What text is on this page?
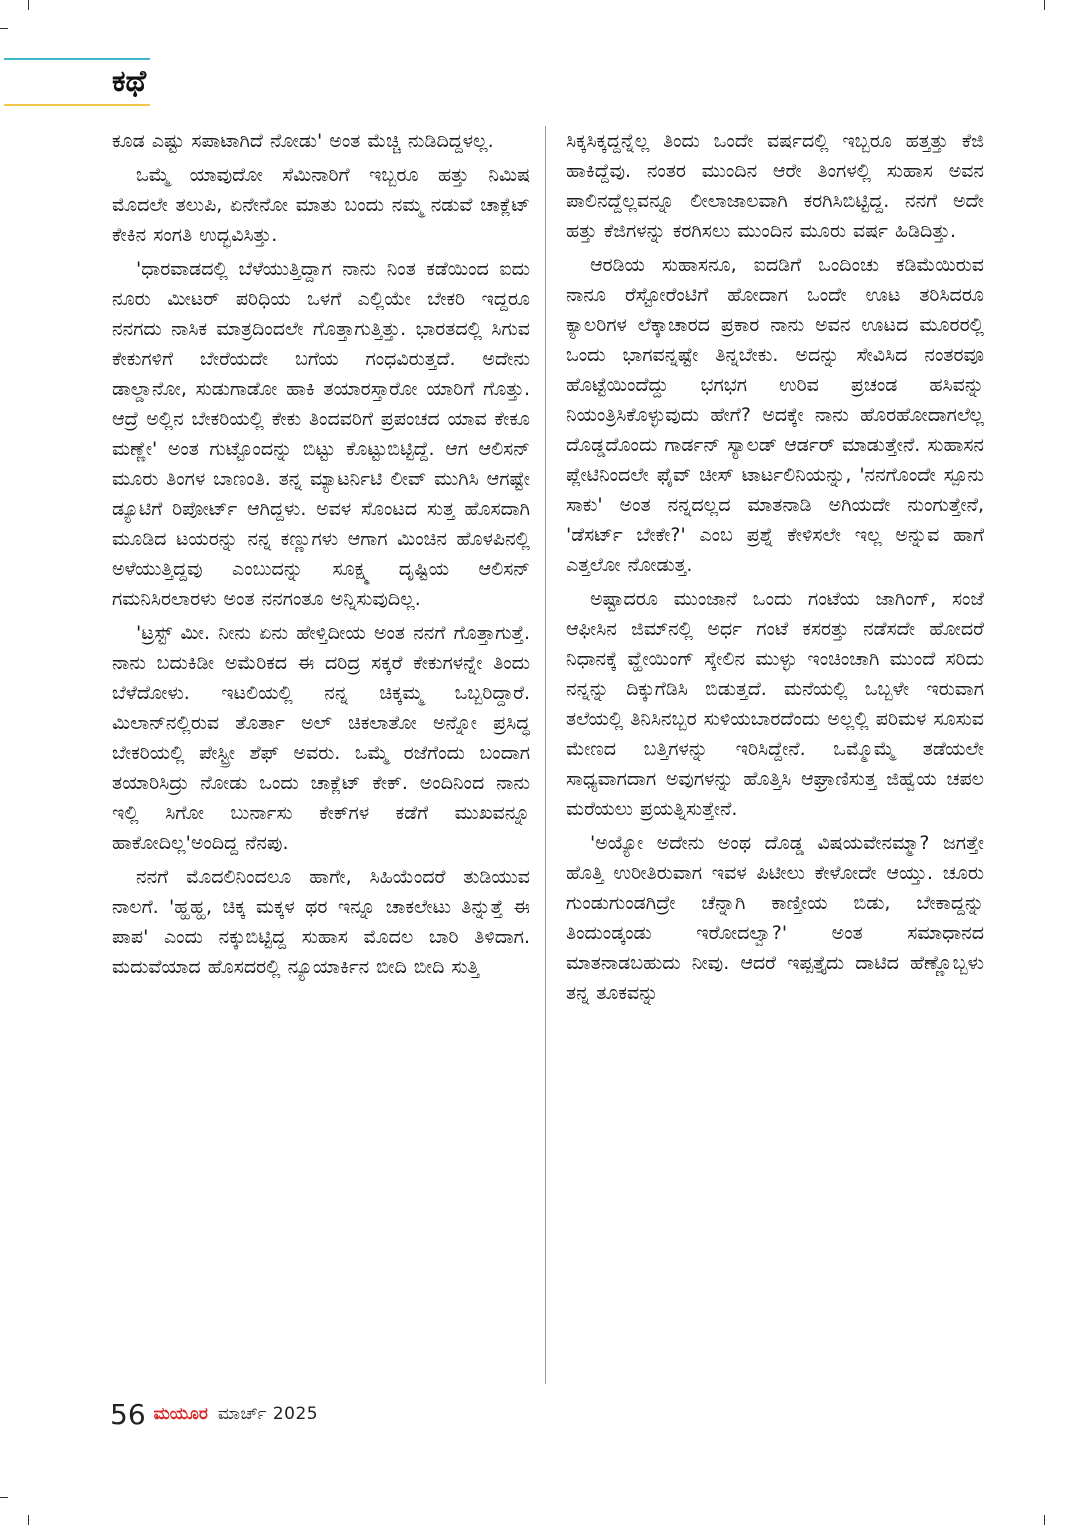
ಕಥೆ

ಕೂಡ ಎಷ್ಟು ಸಪಾಟಾಗಿದೆ ನೋಡು' ಅಂತ ಮೆಚ್ಚಿ ನುಡಿದಿದ್ದಳಲ್ಲ.

ಒಮ್ಮೆ ಯಾವುದೋ ಸೆಮಿನಾರಿಗೆ ಇಬ್ಬರೂ ಹತ್ತು ನಿಮಿಷ ಮೊದಲೇ ತಲುಪಿ, ಏನೇನೋ ಮಾತು ಬಂದು ನಮ್ಮ ನಡುವೆ ಚಾಕ್ಲೆಟ್ ಕೇಕಿನ ಸಂಗತಿ ಉದ್ಭವಿಸಿತ್ತು.

'ಧಾರವಾಡದಲ್ಲಿ ಬೆಳೆಯುತ್ತಿದ್ದಾಗ ನಾನು ನಿಂತ ಕಡೆಯಿಂದ ಐದು ನೂರು ಮೀಟರ್ ಪರಿಧಿಯ ಒಳಗೆ ಎಲ್ಲಿಯೇ ಬೇಕರಿ ಇದ್ದರೂ ನನಗದು ನಾಸಿಕ ಮಾತ್ರದಿಂದಲೇ ಗೊತ್ತಾಗುತ್ತಿತ್ತು. ಭಾರತದಲ್ಲಿ ಸಿಗುವ ಕೇಕುಗಳಿಗೆ ಬೇರೆಯದೇ ಬಗೆಯ ಗಂಧವಿರುತ್ತದೆ. ಅದೇನು ಡಾಲ್ಡಾನೋ, ಸುಡುಗಾಡೋ ಹಾಕಿ ತಯಾರಸ್ತಾರೋ ಯಾರಿಗೆ ಗೊತ್ತು. ಆದ್ರೆ ಅಲ್ಲಿನ ಬೇಕರಿಯಲ್ಲಿ ಕೇಕು ತಿಂದವರಿಗೆ ಪ್ರಪಂಚದ ಯಾವ ಕೇಕೂ ಮಣ್ಣೇ' ಅಂತ ಗುಟ್ಟೊಂದನ್ನು ಬಿಟ್ಟು ಕೊಟ್ಟುಬಿಟ್ಟಿದ್ದೆ. ಆಗ ಆಲಿಸನ್ ಮೂರು ತಿಂಗಳ ಬಾಣಂತಿ. ತನ್ನ ಮ್ಯಾಟರ್ನಿಟಿ ಲೀವ್ ಮುಗಿಸಿ ಆಗಷ್ಟೇ ಡ್ಯೂಟಿಗೆ ರಿಪೋರ್ಟ್ ಆಗಿದ್ದಳು. ಅವಳ ಸೊಂಟದ ಸುತ್ತ ಹೊಸದಾಗಿ ಮೂಡಿದ ಟಯರನ್ನು ನನ್ನ ಕಣ್ಣುಗಳು ಆಗಾಗ ಮಿಂಚಿನ ಹೊಳಪಿನಲ್ಲಿ ಅಳೆಯುತ್ತಿದ್ದವು ಎಂಬುದನ್ನು ಸೂಕ್ಷ್ಮ ದೃಷ್ಟಿಯ ಆಲಿಸನ್ ಗಮನಿಸಿರಲಾರಳು ಅಂತ ನನಗಂತೂ ಅನ್ನಿಸುವುದಿಲ್ಲ.

'ಟ್ರಸ್ಟ್ ಮೀ. ನೀನು ಏನು ಹೇಳ್ತಿದೀಯ ಅಂತ ನನಗೆ ಗೊತ್ತಾಗುತ್ತೆ. ನಾನು ಬದುಕಿಡೀ ಅಮೆರಿಕದ ಈ ದರಿದ್ರ ಸಕ್ಕರೆ ಕೇಕುಗಳನ್ನೇ ತಿಂದು ಬೆಳೆದೋಳು. ಇಟಲಿಯಲ್ಲಿ ನನ್ನ ಚಿಕ್ಕಮ್ಮ ಒಬ್ಬರಿದ್ದಾರೆ. ಮಿಲಾನ್‌ನಲ್ಲಿರುವ ತೊರ್ತಾ ಅಲ್ ಚಿಕಲಾತೋ ಅನ್ನೋ ಪ್ರಸಿದ್ಧ ಬೇಕರಿಯಲ್ಲಿ ಪೇಸ್ಟ್ರೀ ಶೆಫ್ ಅವರು. ಒಮ್ಮೆ ರಜೆಗೆಂದು ಬಂದಾಗ ತಯಾರಿಸಿದ್ರು ನೋಡು ಒಂದು ಚಾಕ್ಲೆಟ್ ಕೇಕ್. ಅಂದಿನಿಂದ ನಾನು ಇಲ್ಲಿ ಸಿಗೋ ಬುರ್ನಾಸು ಕೇಕ್‌ಗಳ ಕಡೆಗೆ ಮುಖವನ್ನೂ ಹಾಕೋದಿಲ್ಲ'ಅಂದಿದ್ದ ನೆನಪು.

ನನಗೆ ಮೊದಲಿನಿಂದಲೂ ಹಾಗೇ, ಸಿಹಿಯೆಂದರೆ ತುಡಿಯುವ ನಾಲಗೆ. 'ಹ್ಹಹ್ಹ, ಚಿಕ್ಕ ಮಕ್ಕಳ ಥರ ಇನ್ನೂ ಚಾಕಲೇಟು ತಿನ್ನುತ್ತೆ ಈ ಪಾಪ' ಎಂದು ನಕ್ಕುಬಿಟ್ಟಿದ್ದ ಸುಹಾಸ ಮೊದಲ ಬಾರಿ ತಿಳಿದಾಗ. ಮದುವೆಯಾದ ಹೊಸದರಲ್ಲಿ ನ್ಯೂಯಾರ್ಕಿನ ಬೀದಿ ಬೀದಿ ಸುತ್ತಿ

ಸಿಕ್ಕಸಿಕ್ಕದ್ದನ್ನೆಲ್ಲ ತಿಂದು ಒಂದೇ ವರ್ಷದಲ್ಲಿ ಇಬ್ಬರೂ ಹತ್ತತ್ತು ಕೆಜಿ ಹಾಕಿದ್ದೆವು. ನಂತರ ಮುಂದಿನ ಆರೇ ತಿಂಗಳಲ್ಲಿ ಸುಹಾಸ ಅವನ ಪಾಲಿನದ್ದೆಲ್ಲವನ್ನೂ ಲೀಲಾಜಾಲವಾಗಿ ಕರಗಿಸಿಬಿಟ್ಟಿದ್ದ. ನನಗೆ ಅದೇ ಹತ್ತು ಕೆಜಿಗಳನ್ನು ಕರಗಿಸಲು ಮುಂದಿನ ಮೂರು ವರ್ಷ ಹಿಡಿದಿತ್ತು.

ಆರಡಿಯ ಸುಹಾಸನೂ, ಐದಡಿಗೆ ಒಂದಿಂಚು ಕಡಿಮೆಯಿರುವ ನಾನೂ ರೆಸ್ಟೋರೆಂಟಿಗೆ ಹೋದಾಗ ಒಂದೇ ಊಟ ತರಿಸಿದರೂ ಕ್ಯಾಲರಿಗಳ ಲೆಕ್ಕಾಚಾರದ ಪ್ರಕಾರ ನಾನು ಅವನ ಊಟದ ಮೂರರಲ್ಲಿ ಒಂದು ಭಾಗವನ್ನಷ್ಟೇ ತಿನ್ನಬೇಕು. ಅದನ್ನು ಸೇವಿಸಿದ ನಂತರವೂ ಹೊಟ್ಟೆಯಿಂದೆದ್ದು ಭಗಭಗ ಉರಿವ ಪ್ರಚಂಡ ಹಸಿವನ್ನು ನಿಯಂತ್ರಿಸಿಕೊಳ್ಳುವುದು ಹೇಗೆ? ಅದಕ್ಕೇ ನಾನು ಹೊರಹೋದಾಗಲೆಲ್ಲ ದೊಡ್ಡದೊಂದು ಗಾರ್ಡನ್ ಸ್ಯಾಲಡ್ ಆರ್ಡರ್ ಮಾಡುತ್ತೇನೆ. ಸುಹಾಸನ ಪ್ಲೇಟಿನಿಂದಲೇ ಫೈವ್ ಚೀಸ್ ಟಾರ್ಟಲಿನಿಯನ್ನು, 'ನನಗೊಂದೇ ಸ್ಪೂನು ಸಾಕು' ಅಂತ ನನ್ನದಲ್ಲದ ಮಾತನಾಡಿ ಅಗಿಯದೇ ನುಂಗುತ್ತೇನೆ, 'ಡೆಸರ್ಟ್ ಬೇಕೇ?' ಎಂಬ ಪ್ರಶ್ನೆ ಕೇಳಿಸಲೇ ಇಲ್ಲ ಅನ್ನುವ ಹಾಗೆ ಎತ್ತಲೋ ನೋಡುತ್ತ.

ಅಷ್ಟಾದರೂ ಮುಂಜಾನೆ ಒಂದು ಗಂಟೆಯ ಜಾಗಿಂಗ್, ಸಂಜೆ ಆಫೀಸಿನ ಜಿಮ್‌ನಲ್ಲಿ ಅರ್ಧ ಗಂಟೆ ಕಸರತ್ತು ನಡೆಸದೇ ಹೋದರೆ ನಿಧಾನಕ್ಕೆ ವ್ಹೇಯಿಂಗ್ ಸ್ಕೇಲಿನ ಮುಳ್ಳು ಇಂಚಿಂಚಾಗಿ ಮುಂದೆ ಸರಿದು ನನ್ನನ್ನು ದಿಕ್ಕುಗೆಡಿಸಿ ಬಿಡುತ್ತದೆ. ಮನೆಯಲ್ಲಿ ಒಬ್ಬಳೇ ಇರುವಾಗ ತಲೆಯಲ್ಲಿ ತಿನಿಸಿನಬ್ಬರ ಸುಳಿಯಬಾರದೆಂದು ಅಲ್ಲಲ್ಲಿ ಪರಿಮಳ ಸೂಸುವ ಮೇಣದ ಬತ್ತಿಗಳನ್ನು ಇರಿಸಿದ್ದೇನೆ. ಒಮ್ಮೊಮ್ಮೆ ತಡೆಯಲೇ ಸಾಧ್ಯವಾಗದಾಗ ಅವುಗಳನ್ನು ಹೊತ್ತಿಸಿ ಆಘ್ರಾಣಿಸುತ್ತ ಜಿಹ್ವೆಯ ಚಪಲ ಮರೆಯಲು ಪ್ರಯತ್ನಿಸುತ್ತೇನೆ.

'ಅಯ್ಯೋ ಅದೇನು ಅಂಥ ದೊಡ್ಡ ವಿಷಯವೇನಮ್ಮಾ? ಜಗತ್ತೇ ಹೊತ್ತಿ ಉರೀತಿರುವಾಗ ಇವಳ ಪಿಟೀಲು ಕೇಳೋದೇ ಆಯ್ತು. ಚೂರು ಗುಂಡುಗುಂಡಗಿದ್ರೇ ಚೆನ್ನಾಗಿ ಕಾಣ್ತೀಯ ಬಿಡು, ಬೇಕಾದ್ದನ್ನು ತಿಂದುಂಡ್ಕಂಡು ಇರೋದಲ್ವಾ?' ಅಂತ ಸಮಾಧಾನದ ಮಾತನಾಡಬಹುದು ನೀವು. ಆದರೆ ಇಪ್ಪತ್ತೈದು ದಾಟಿದ ಹೆಣ್ಣೊಬ್ಬಳು ತನ್ನ ತೂಕವನ್ನು

56 ಮಯೂರ ಮಾರ್ಚ್ 2025
